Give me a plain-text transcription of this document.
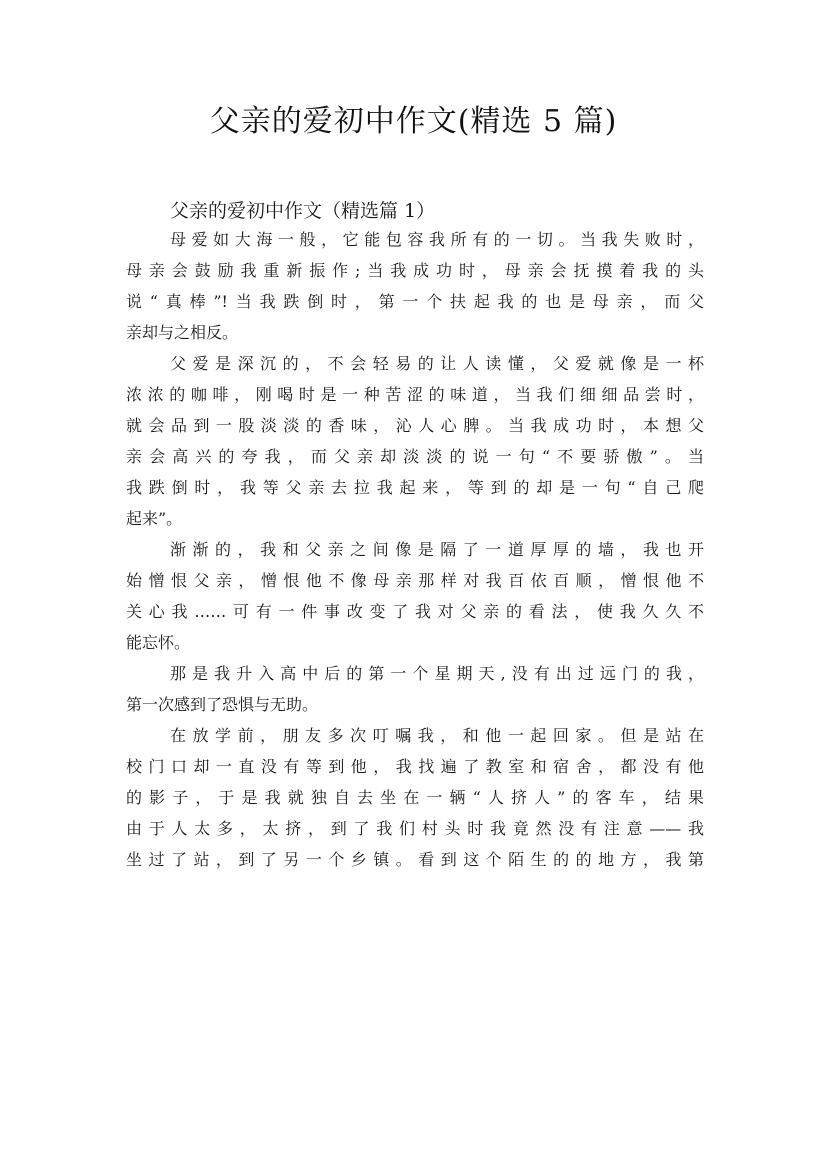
父亲的爱初中作文(精选 5 篇)

父亲的爱初中作文（精选篇 1）

母爱如大海一般，它能包容我所有的一切。当我失败时，
母亲会鼓励我重新振作;当我成功时，母亲会抚摸着我的头
说“真棒”!当我跌倒时，第一个扶起我的也是母亲，而父
亲却与之相反。
父爱是深沉的，不会轻易的让人读懂，父爱就像是一杯
浓浓的咖啡，刚喝时是一种苦涩的味道，当我们细细品尝时，
就会品到一股淡淡的香味，沁人心脾。当我成功时，本想父
亲会高兴的夸我，而父亲却淡淡的说一句“不要骄傲”。当
我跌倒时，我等父亲去拉我起来，等到的却是一句“自己爬
起来”。
渐渐的，我和父亲之间像是隔了一道厚厚的墙，我也开
始憎恨父亲，憎恨他不像母亲那样对我百依百顺，憎恨他不
关心我……可有一件事改变了我对父亲的看法，使我久久不
能忘怀。
那是我升入高中后的第一个星期天,没有出过远门的我，
第一次感到了恐惧与无助。
在放学前，朋友多次叮嘱我，和他一起回家。但是站在
校门口却一直没有等到他，我找遍了教室和宿舍，都没有他
的影子，于是我就独自去坐在一辆“人挤人”的客车，结果
由于人太多，太挤，到了我们村头时我竟然没有注意——我
坐过了站，到了另一个乡镇。看到这个陌生的的地方，我第
